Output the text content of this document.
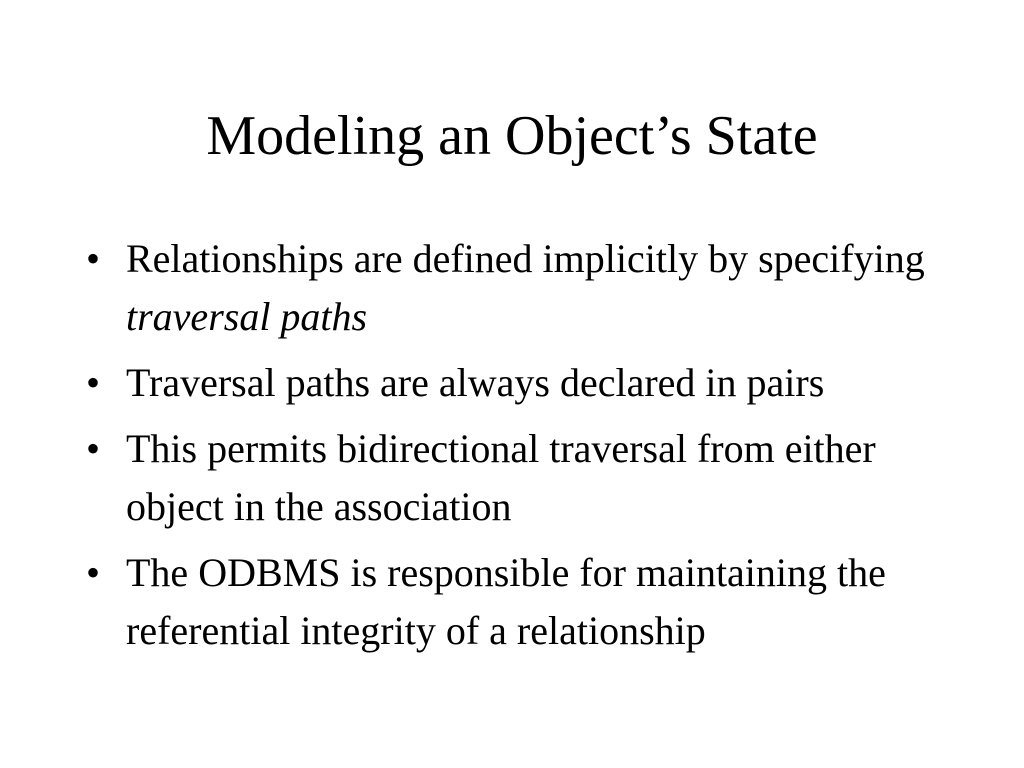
Modeling an Object’s State
• Relationships are defined implicitly by specifying traversal paths
• Traversal paths are always declared in pairs
• This permits bidirectional traversal from either object in the association
• The ODBMS is responsible for maintaining the referential integrity of a relationship
